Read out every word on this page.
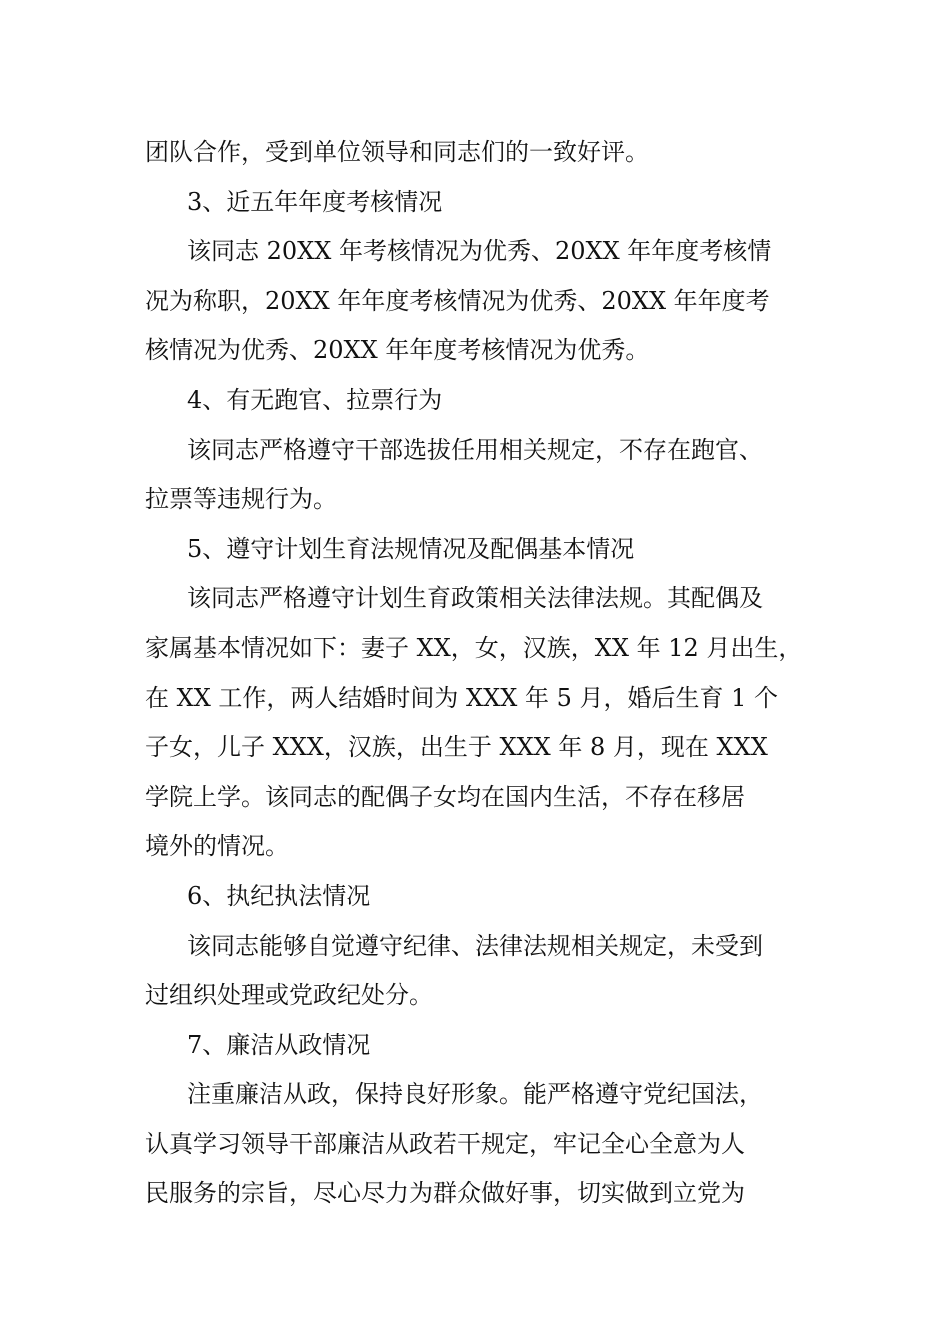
团队合作，受到单位领导和同志们的一致好评。
3、近五年年度考核情况
该同志 20XX 年考核情况为优秀、20XX 年年度考核情
况为称职，20XX 年年度考核情况为优秀、20XX 年年度考
核情况为优秀、20XX 年年度考核情况为优秀。
4、有无跑官、拉票行为
该同志严格遵守干部选拔任用相关规定，不存在跑官、
拉票等违规行为。
5、遵守计划生育法规情况及配偶基本情况
该同志严格遵守计划生育政策相关法律法规。其配偶及
家属基本情况如下：妻子 XX，女，汉族，XX 年 12 月出生，
在 XX 工作，两人结婚时间为 XXX 年 5 月，婚后生育 1 个
子女，儿子 XXX，汉族，出生于 XXX 年 8 月，现在 XXX
学院上学。该同志的配偶子女均在国内生活，不存在移居
境外的情况。
6、执纪执法情况
该同志能够自觉遵守纪律、法律法规相关规定，未受到
过组织处理或党政纪处分。
7、廉洁从政情况
注重廉洁从政，保持良好形象。能严格遵守党纪国法，
认真学习领导干部廉洁从政若干规定，牢记全心全意为人
民服务的宗旨，尽心尽力为群众做好事，切实做到立党为
